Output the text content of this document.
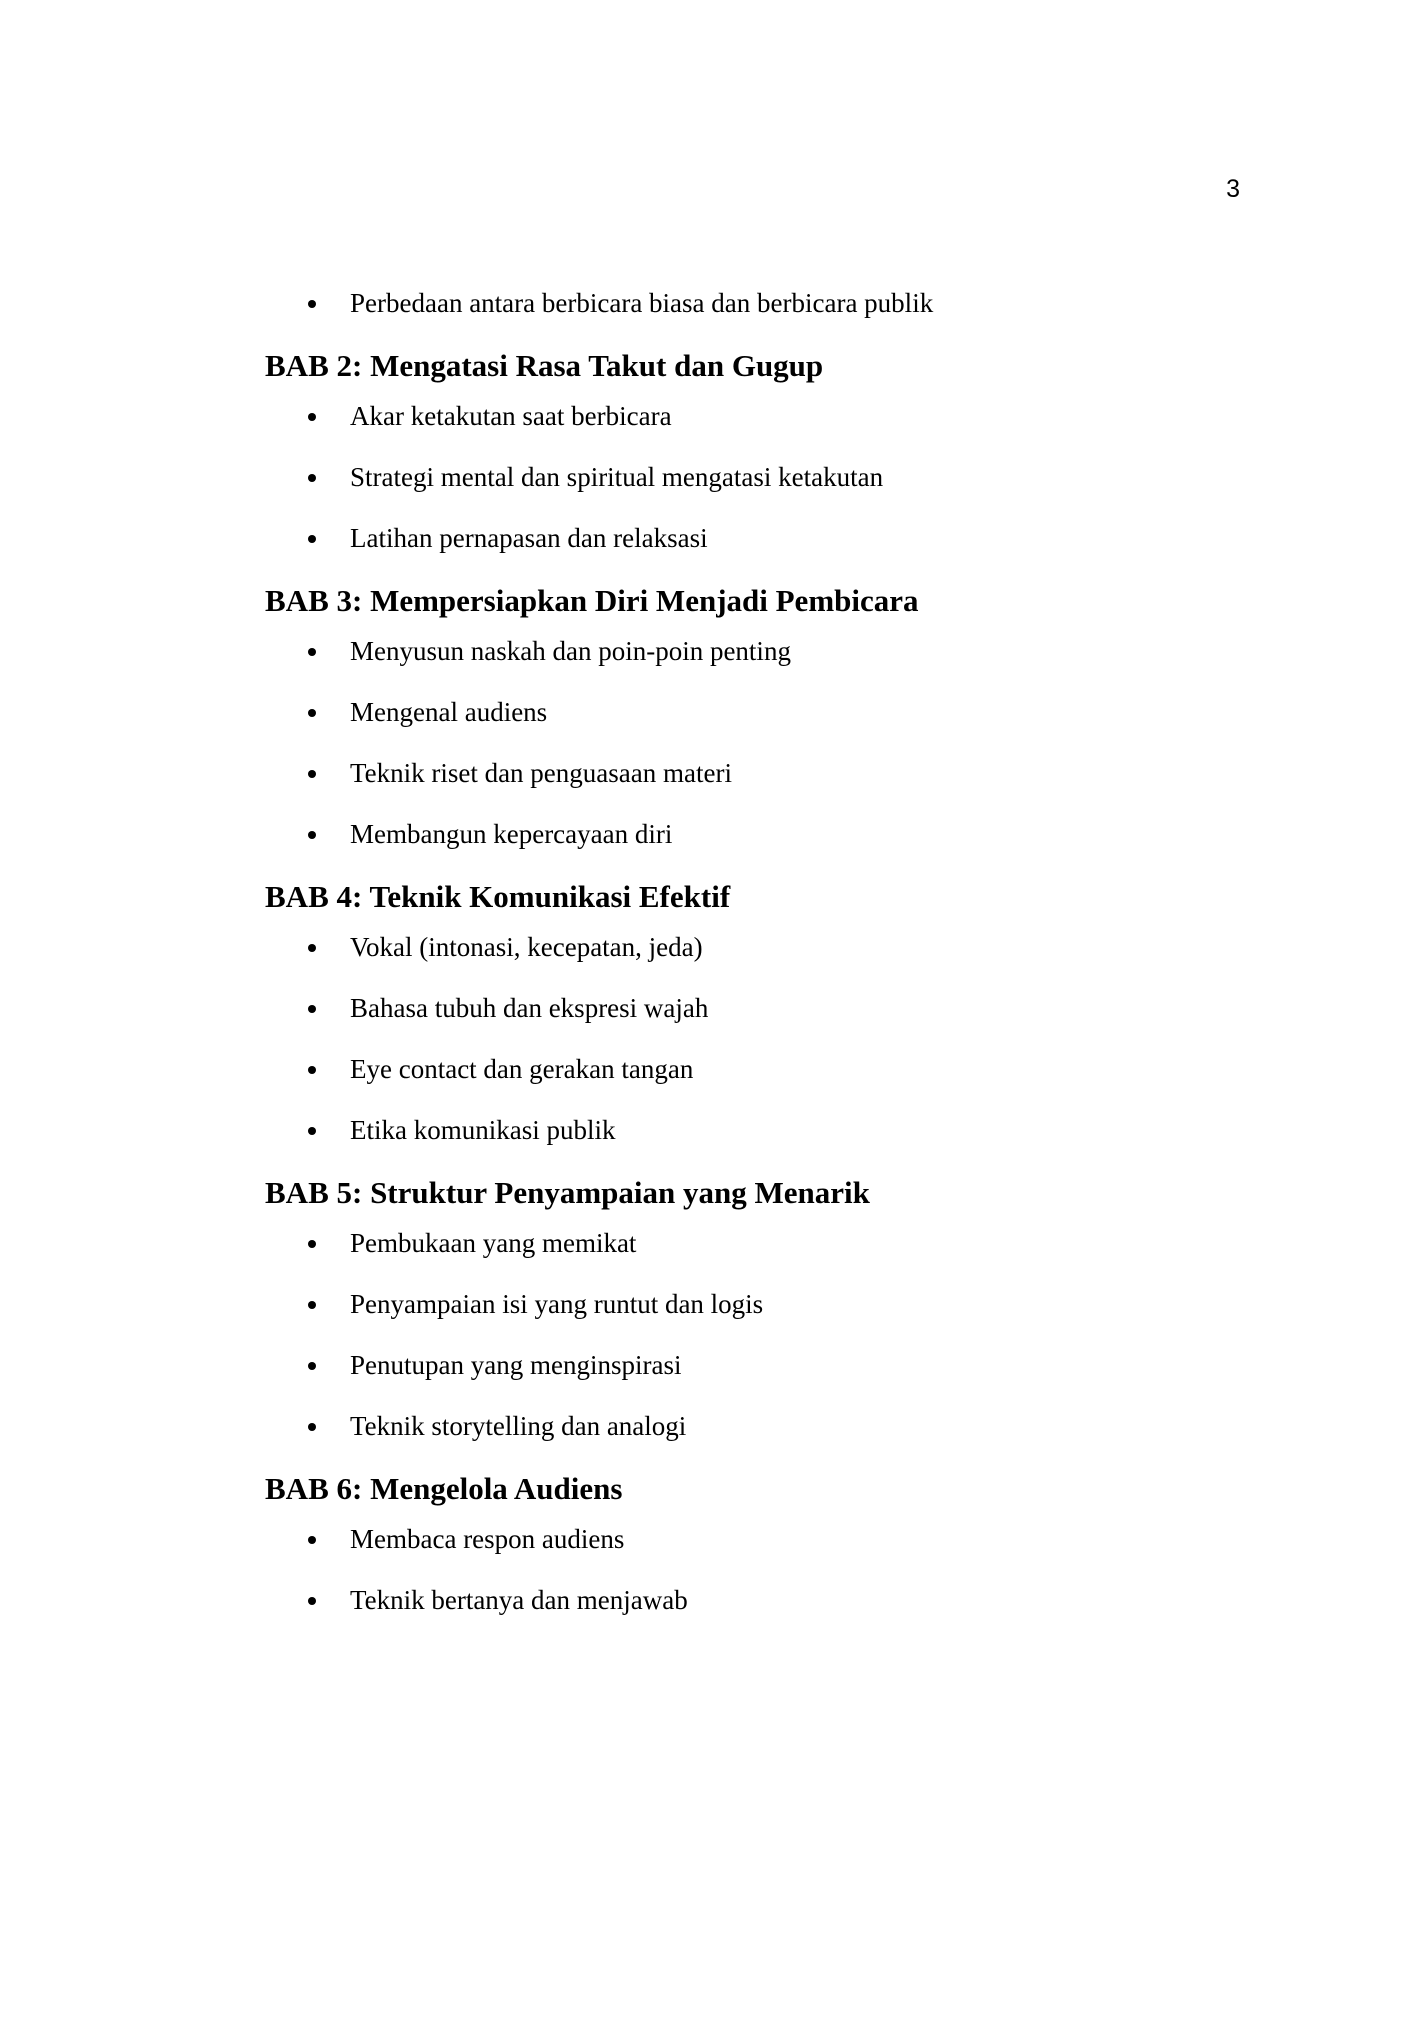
3
Perbedaan antara berbicara biasa dan berbicara publik
BAB 2: Mengatasi Rasa Takut dan Gugup
Akar ketakutan saat berbicara
Strategi mental dan spiritual mengatasi ketakutan
Latihan pernapasan dan relaksasi
BAB 3: Mempersiapkan Diri Menjadi Pembicara
Menyusun naskah dan poin-poin penting
Mengenal audiens
Teknik riset dan penguasaan materi
Membangun kepercayaan diri
BAB 4: Teknik Komunikasi Efektif
Vokal (intonasi, kecepatan, jeda)
Bahasa tubuh dan ekspresi wajah
Eye contact dan gerakan tangan
Etika komunikasi publik
BAB 5: Struktur Penyampaian yang Menarik
Pembukaan yang memikat
Penyampaian isi yang runtut dan logis
Penutupan yang menginspirasi
Teknik storytelling dan analogi
BAB 6: Mengelola Audiens
Membaca respon audiens
Teknik bertanya dan menjawab
